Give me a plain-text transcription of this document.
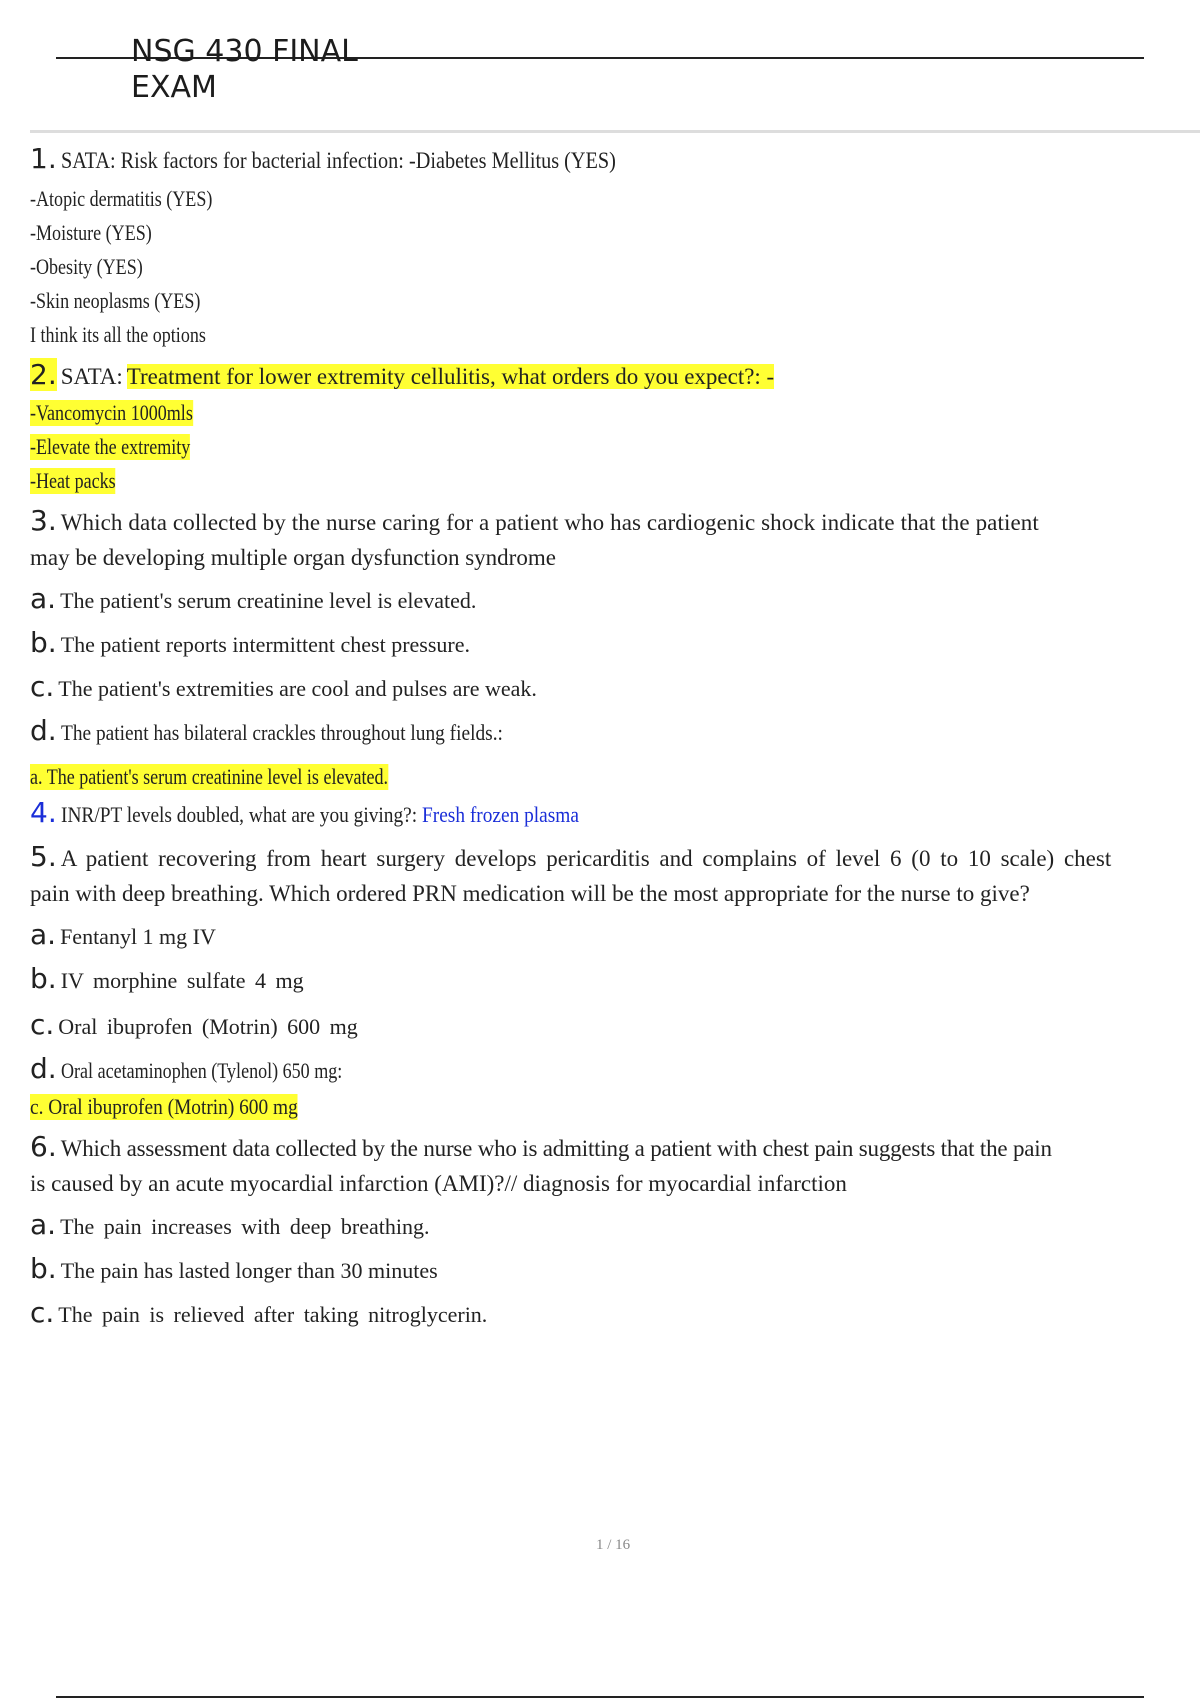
NSG 430 FINAL
EXAM
1. SATA: Risk factors for bacterial infection: -Diabetes Mellitus (YES)
-Atopic dermatitis (YES)
-Moisture (YES)
-Obesity (YES)
-Skin neoplasms (YES)
I think its all the options
2. SATA: Treatment for lower extremity cellulitis, what orders do you expect?: -
-Vancomycin 1000mls
-Elevate the extremity
-Heat packs
3. Which data collected by the nurse caring for a patient who has cardiogenic shock indicate that the patient
may be developing multiple organ dysfunction syndrome
a. The patient's serum creatinine level is elevated.
b. The patient reports intermittent chest pressure.
c. The patient's extremities are cool and pulses are weak.
d. The patient has bilateral crackles throughout lung fields.:
a. The patient's serum creatinine level is elevated.
4. INR/PT levels doubled, what are you giving?: Fresh frozen plasma
5. A patient recovering from heart surgery develops pericarditis and complains of level 6 (0 to 10 scale) chest
pain with deep breathing. Which ordered PRN medication will be the most appropriate for the nurse to give?
a. Fentanyl 1 mg IV
b. IV morphine sulfate 4 mg
c. Oral ibuprofen (Motrin) 600 mg
d. Oral acetaminophen (Tylenol) 650 mg:
c. Oral ibuprofen (Motrin) 600 mg
6. Which assessment data collected by the nurse who is admitting a patient with chest pain suggests that the pain
is caused by an acute myocardial infarction (AMI)?// diagnosis for myocardial infarction
a. The pain increases with deep breathing.
b. The pain has lasted longer than 30 minutes
c. The pain is relieved after taking nitroglycerin.
1 / 16
